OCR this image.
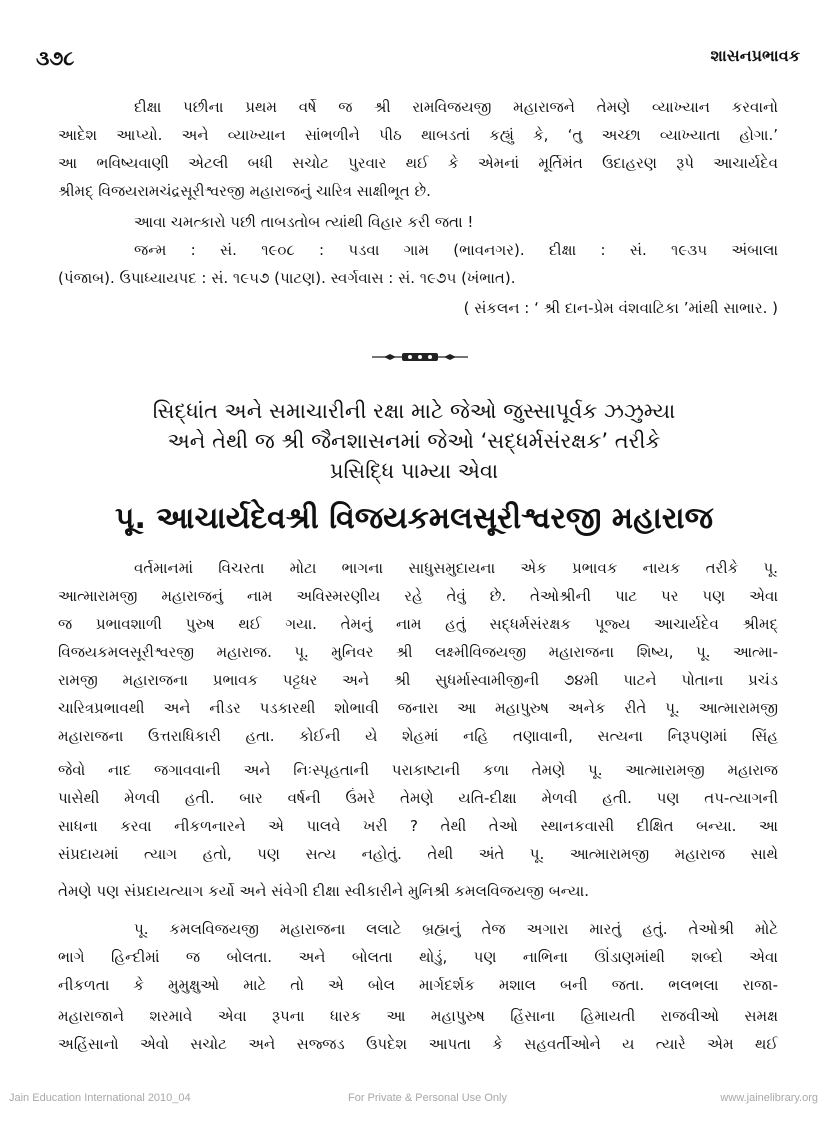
૩૭૮	શાસનપ્રભાવક
દીક્ષા પછીના પ્રથમ વર્ષે જ શ્રી રામવિજયજી મહારાજને તેમણે વ્યાખ્યાન કરવાનો
આદેશ આપ્યો. અને વ્યાખ્યાન સાંભળીને પીઠ થાબડતાં કહ્યું કે, ‘તુ અચ્છા વ્યાખ્યાતા હોગા.’
આ ભવિષ્યવાણી એટલી બધી સચોટ પુરવાર થઈ કે એમનાં મૂર્તિમંત ઉદાહરણ રૂપે આચાર્યદેવ
શ્રીમદ્ વિજયરામચંદ્રસૂરીશ્વરજી મહારાજનું ચારિત્ર સાક્ષીભૂત છે.
આવા ચમત્કારો પછી તાબડતોબ ત્યાંથી વિહાર કરી જતા !
જન્મ : સં. ૧૯૦૮ : પડવા ગામ (ભાવનગર). દીક્ષા : સં. ૧૯૩૫ અંબાલા
(પંજાબ). ઉપાધ્યાયપદ : સં. ૧૯૫૭ (પાટણ). સ્વર્ગવાસ : સં. ૧૯૭૫ (ખંભાત).
( સંકલન : ‘ શ્રી દાન-પ્રેમ વંશવાટિકા ’માંથી સાભાર. )
સિદ્ધાંત અને સમાચારીની રક્ષા માટે જેઓ જુસ્સાપૂર્વક ઝઝુમ્યા
અને તેથી જ શ્રી જૈનશાસનમાં જેઓ ‘સદ્ધર્મસંરક્ષક’ તરીકે
પ્રસિદ્ધિ પામ્યા એવા
પૂ. આચાર્યદેવશ્રી વિજયકમલસૂરીશ્વરજી મહારાજ
વર્તમાનમાં વિચરતા મોટા ભાગના સાધુસમુદાયના એક પ્રભાવક નાયક તરીકે પૂ.
આત્મારામજી મહારાજનું નામ અવિસ્મરણીય રહે તેવું છે. તેઓશ્રીની પાટ પર પણ એવા
જ પ્રભાવશાળી પુરુષ થઈ ગયા. તેમનું નામ હતું સદ્ધર્મસંરક્ષક પૂજ્ય આચાર્યદેવ શ્રીમદ્
વિજયકમલસૂરીશ્વરજી મહારાજ. પૂ. મુનિવર શ્રી લક્ષ્મીવિજયજી મહારાજના શિષ્ય, પૂ. આત્મા-
રામજી મહારાજના પ્રભાવક પટ્ટધર અને શ્રી સુધર્માસ્વામીજીની ૭૪મી પાટને પોતાના પ્રચંડ
ચારિત્રપ્રભાવથી અને નીડર પડકારથી શોભાવી જનારા આ મહાપુરુષ અનેક રીતે પૂ. આત્મારામજી
મહારાજના ઉત્તરાધિકારી હતા. કોઈની યે શેહમાં નહિ તણાવાની, સત્યના નિરૂપણમાં સિંહ
જેવો નાદ જગાવવાની અને નિઃસ્પૃહતાની પરાકાષ્ટાની કળા તેમણે પૂ. આત્મારામજી મહારાજ
પાસેથી મેળવી હતી. બાર વર્ષની ઉંમરે તેમણે યતિ-દીક્ષા મેળવી હતી. પણ તપ-ત્યાગની
સાધના કરવા નીકળનારને એ પાલવે ખરી ? તેથી તેઓ સ્થાનકવાસી દીક્ષિત બન્યા. આ
સંપ્રદાયમાં ત્યાગ હતો, પણ સત્ય નહોતું. તેથી અંતે પૂ. આત્મારામજી મહારાજ સાથે
તેમણે પણ સંપ્રદાયત્યાગ કર્યો અને સંવેગી દીક્ષા સ્વીકારીને મુનિશ્રી કમલવિજયજી બન્યા.
પૂ. કમલવિજયજી મહારાજના લલાટે બ્રહ્મનું તેજ અગારા મારતું હતું. તેઓશ્રી મોટે
ભાગે હિન્દીમાં જ બોલતા. અને બોલતા થોડું, પણ નાભિના ઊંડાણમાંથી શબ્દો એવા
નીકળતા કે મુમુક્ષુઓ માટે તો એ બોલ માર્ગદર્શક મશાલ બની જતા. ભલભલા રાજા-
મહારાજાને શરમાવે એવા રૂપના ધારક આ મહાપુરુષ હિંસાના હિમાયતી રાજવીઓ સમક્ષ
અહિંસાનો એવો સચોટ અને સજ્જડ ઉપદેશ આપતા કે સહવર્તીઓને ય ત્યારે એમ થઈ
Jain Education International 2010_04	For Private & Personal Use Only	www.jainelibrary.org
